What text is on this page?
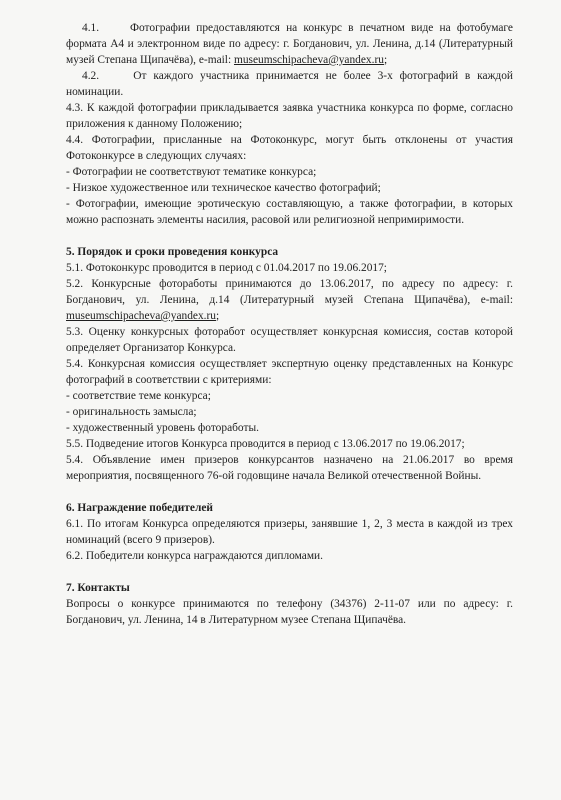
4.1.     Фотографии предоставляются на конкурс в печатном виде на фотобумаге формата А4 и электронном виде по адресу: г. Богданович, ул. Ленина, д.14 (Литературный музей Степана Щипачёва), e-mail: museumschipacheva@yandex.ru;

4.2.     От каждого участника принимается не более 3-х фотографий в каждой номинации.

4.3. К каждой фотографии прикладывается заявка участника конкурса по форме, согласно приложения к данному Положению;

4.4. Фотографии, присланные на Фотоконкурс, могут быть отклонены от участия Фотоконкурсе в следующих случаях:

- Фотографии не соответствуют тематике конкурса;

- Низкое художественное или техническое качество фотографий;

- Фотографии, имеющие эротическую составляющую, а также фотографии, в которых можно распознать элементы насилия, расовой или религиозной непримиримости.

5. Порядок и сроки проведения конкурса

5.1. Фотоконкурс проводится в период с 01.04.2017 по 19.06.2017;

5.2. Конкурсные фотоработы принимаются до 13.06.2017, по адресу по адресу: г. Богданович, ул. Ленина, д.14 (Литературный музей Степана Щипачёва), e-mail: museumschipacheva@yandex.ru;

5.3. Оценку конкурсных фоторабот осуществляет конкурсная комиссия, состав которой определяет Организатор Конкурса.

5.4. Конкурсная комиссия осуществляет экспертную оценку представленных на Конкурс фотографий в соответствии с критериями:

- соответствие теме конкурса;

- оригинальность замысла;

- художественный уровень фотоработы.

5.5. Подведение итогов Конкурса проводится в период с 13.06.2017 по 19.06.2017;

5.4. Объявление имен призеров конкурсантов назначено на 21.06.2017 во время мероприятия, посвященного 76-ой годовщине начала Великой отечественной Войны.

6. Награждение победителей

6.1. По итогам Конкурса определяются призеры, занявшие 1, 2, 3 места в каждой из трех номинаций (всего 9 призеров).

6.2. Победители конкурса награждаются дипломами.

7. Контакты

Вопросы о конкурсе принимаются по телефону (34376) 2-11-07 или по адресу: г. Богданович, ул. Ленина, 14 в Литературном музее Степана Щипачёва.
